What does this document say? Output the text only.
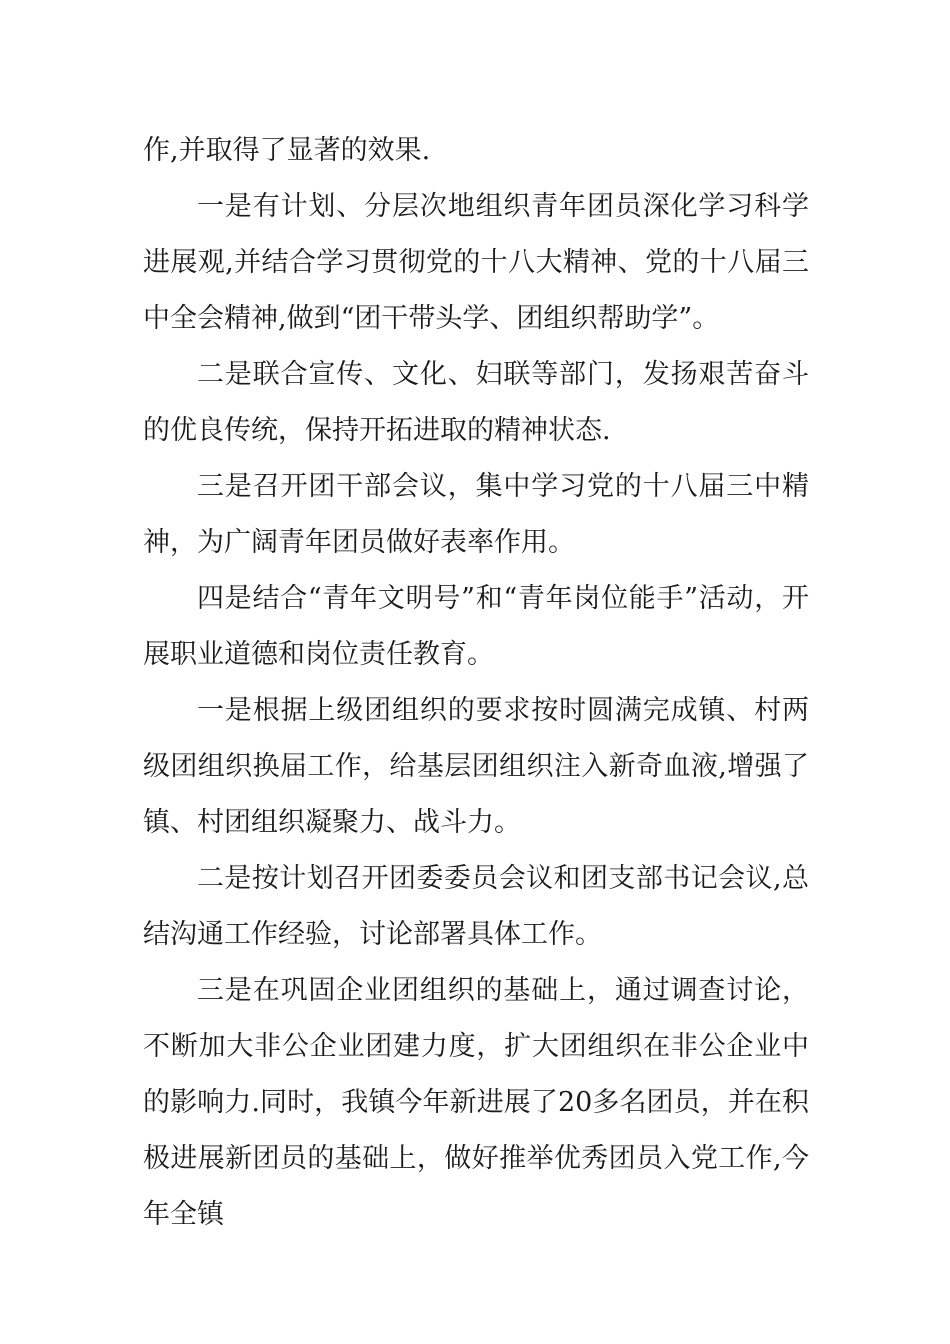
作,并取得了显著的效果.

一是有计划、分层次地组织青年团员深化学习科学进展观,并结合学习贯彻党的十八大精神、党的十八届三中全会精神,做到“团干带头学、团组织帮助学”。

二是联合宣传、文化、妇联等部门，发扬艰苦奋斗的优良传统，保持开拓进取的精神状态.

三是召开团干部会议，集中学习党的十八届三中精神，为广阔青年团员做好表率作用。

四是结合“青年文明号”和“青年岗位能手”活动，开展职业道德和岗位责任教育。

一是根据上级团组织的要求按时圆满完成镇、村两级团组织换届工作，给基层团组织注入新奇血液,增强了镇、村团组织凝聚力、战斗力。

二是按计划召开团委委员会议和团支部书记会议,总结沟通工作经验，讨论部署具体工作。

三是在巩固企业团组织的基础上，通过调查讨论，不断加大非公企业团建力度，扩大团组织在非公企业中的影响力.同时，我镇今年新进展了20多名团员，并在积极进展新团员的基础上，做好推举优秀团员入党工作,今年全镇
